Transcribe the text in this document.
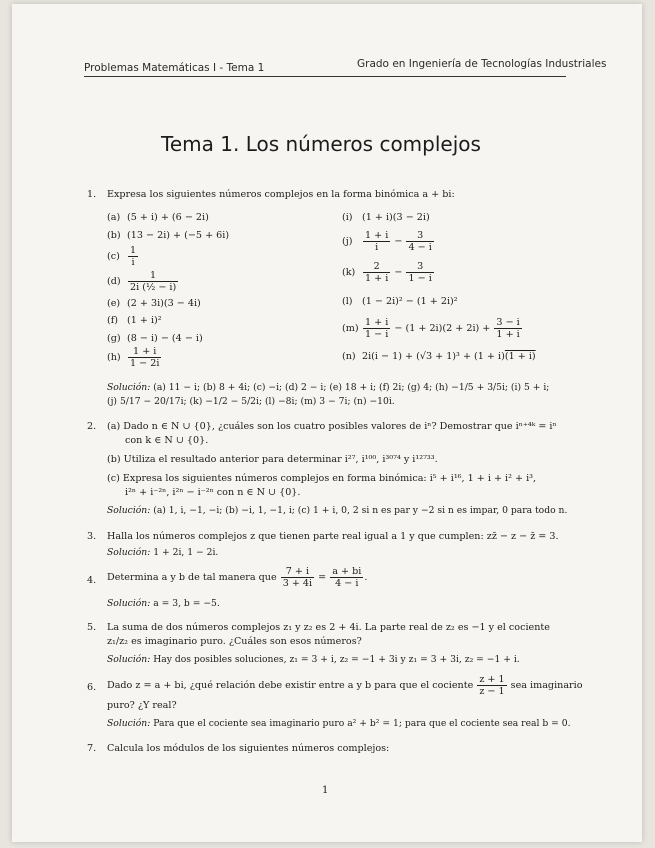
Problemas Matemáticas I - Tema 1	Grado en Ingeniería de Tecnologías Industriales
Tema 1. Los números complejos
1. Expresa los siguientes números complejos en la forma binómica a + bi:
(a) (5 + i) + (6 − 2i)
(b) (13 − 2i) + (−5 + 6i)
$(c) \frac{1}{i}$
$(d) \frac{1}{\text{2i (½ − i)}}$
(e) (2 + 3i)(3 − 4i)
(f) (1 + i)²
(g) (8 − i) − (4 − i)
$(h) \frac{1 + i}{1 - 2i}$
(i) (1 + i)(3 − 2i)
$(j) \frac{1 + i}{i} - \frac{3}{4 - i}$
$(k) \frac{2}{1 + i} - \frac{3}{1 - i}$
(l) (1 − 2i)² − (1 + 2i)²
$(m) \frac{1 + i}{1 - i} - (1 + 2i)(2 + 2i) + \frac{3 - i}{1 + i}$
(n) 2i(i − 1) + (√3 + 1)³ + (1 + i)(1 + i)
Solución: (a) 11 − i; (b) 8 + 4i; (c) −i; (d) 2 − i; (e) 18 + i; (f) 2i; (g) 4; (h) −1/5 + 3/5i; (i) 5 + i;
(j) 5/17 − 20/17i; (k) −1/2 − 5/2i; (l) −8i; (m) 3 − 7i; (n) −10i.
2. (a) Dado n ∈ N ∪ {0}, ¿cuáles son los cuatro posibles valores de iⁿ? Demostrar que iⁿ⁺⁴ᵏ = iⁿ
con k ∈ N ∪ {0}.
(b) Utiliza el resultado anterior para determinar i²⁷, i¹⁰⁰, i³⁰⁷⁴ y i¹²⁷³³.
(c) Expresa los siguientes números complejos en forma binómica: i⁵ + i¹⁶, 1 + i + i² + i³,
i²ⁿ + i⁻²ⁿ, i²ⁿ − i⁻²ⁿ con n ∈ N ∪ {0}.
Solución: (a) 1, i, −1, −i; (b) −i, 1, −1, i; (c) 1 + i, 0, 2 si n es par y −2 si n es impar, 0 para todo n.
3. Halla los números complejos z que tienen parte real igual a 1 y que cumplen: zz̄ − z − z̄ = 3.
Solución: 1 + 2i, 1 − 2i.
4. Determina a y b de tal manera que $\frac{7 + i}{3 + 4i} = \frac{a + bi}{4 - i}$ .
Solución: a = 3, b = −5.
5. La suma de dos números complejos z₁ y z₂ es 2 + 4i. La parte real de z₂ es −1 y el cociente
z₁/z₂ es imaginario puro. ¿Cuáles son esos números?
Solución: Hay dos posibles soluciones, z₁ = 3 + i, z₂ = −1 + 3i y z₁ = 3 + 3i, z₂ = −1 + i.
6. Dado z = a + bi, ¿qué relación debe existir entre a y b para que el cociente $\frac{z + 1}{z - 1}$ sea imaginario
puro? ¿Y real?
Solución: Para que el cociente sea imaginario puro a² + b² = 1; para que el cociente sea real b = 0.
7. Calcula los módulos de los siguientes números complejos:
1
